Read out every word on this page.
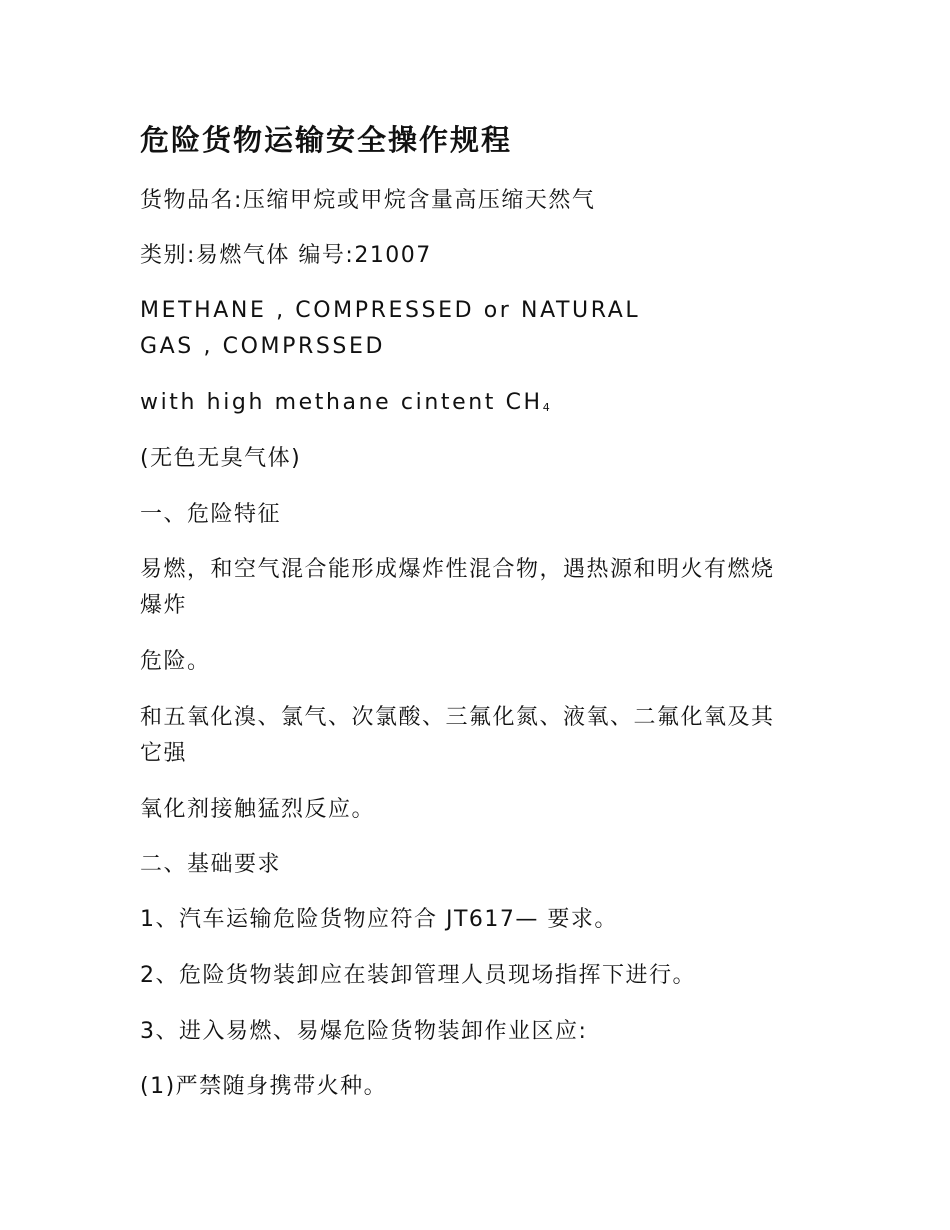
危险货物运输安全操作规程

货物品名:压缩甲烷或甲烷含量高压缩天然气

类别:易燃气体 编号:21007

METHANE , COMPRESSED or NATURAL

GAS , COMPRSSED

with high methane cintent CH4

(无色无臭气体)

一、危险特征

易燃，和空气混合能形成爆炸性混合物，遇热源和明火有燃烧

爆炸

危险。

和五氧化溴、氯气、次氯酸、三氟化氮、液氧、二氟化氧及其

它强

氧化剂接触猛烈反应。

二、基础要求

1、汽车运输危险货物应符合 JT617— 要求。

2、危险货物装卸应在装卸管理人员现场指挥下进行。

3、进入易燃、易爆危险货物装卸作业区应:

(1)严禁随身携带火种。
